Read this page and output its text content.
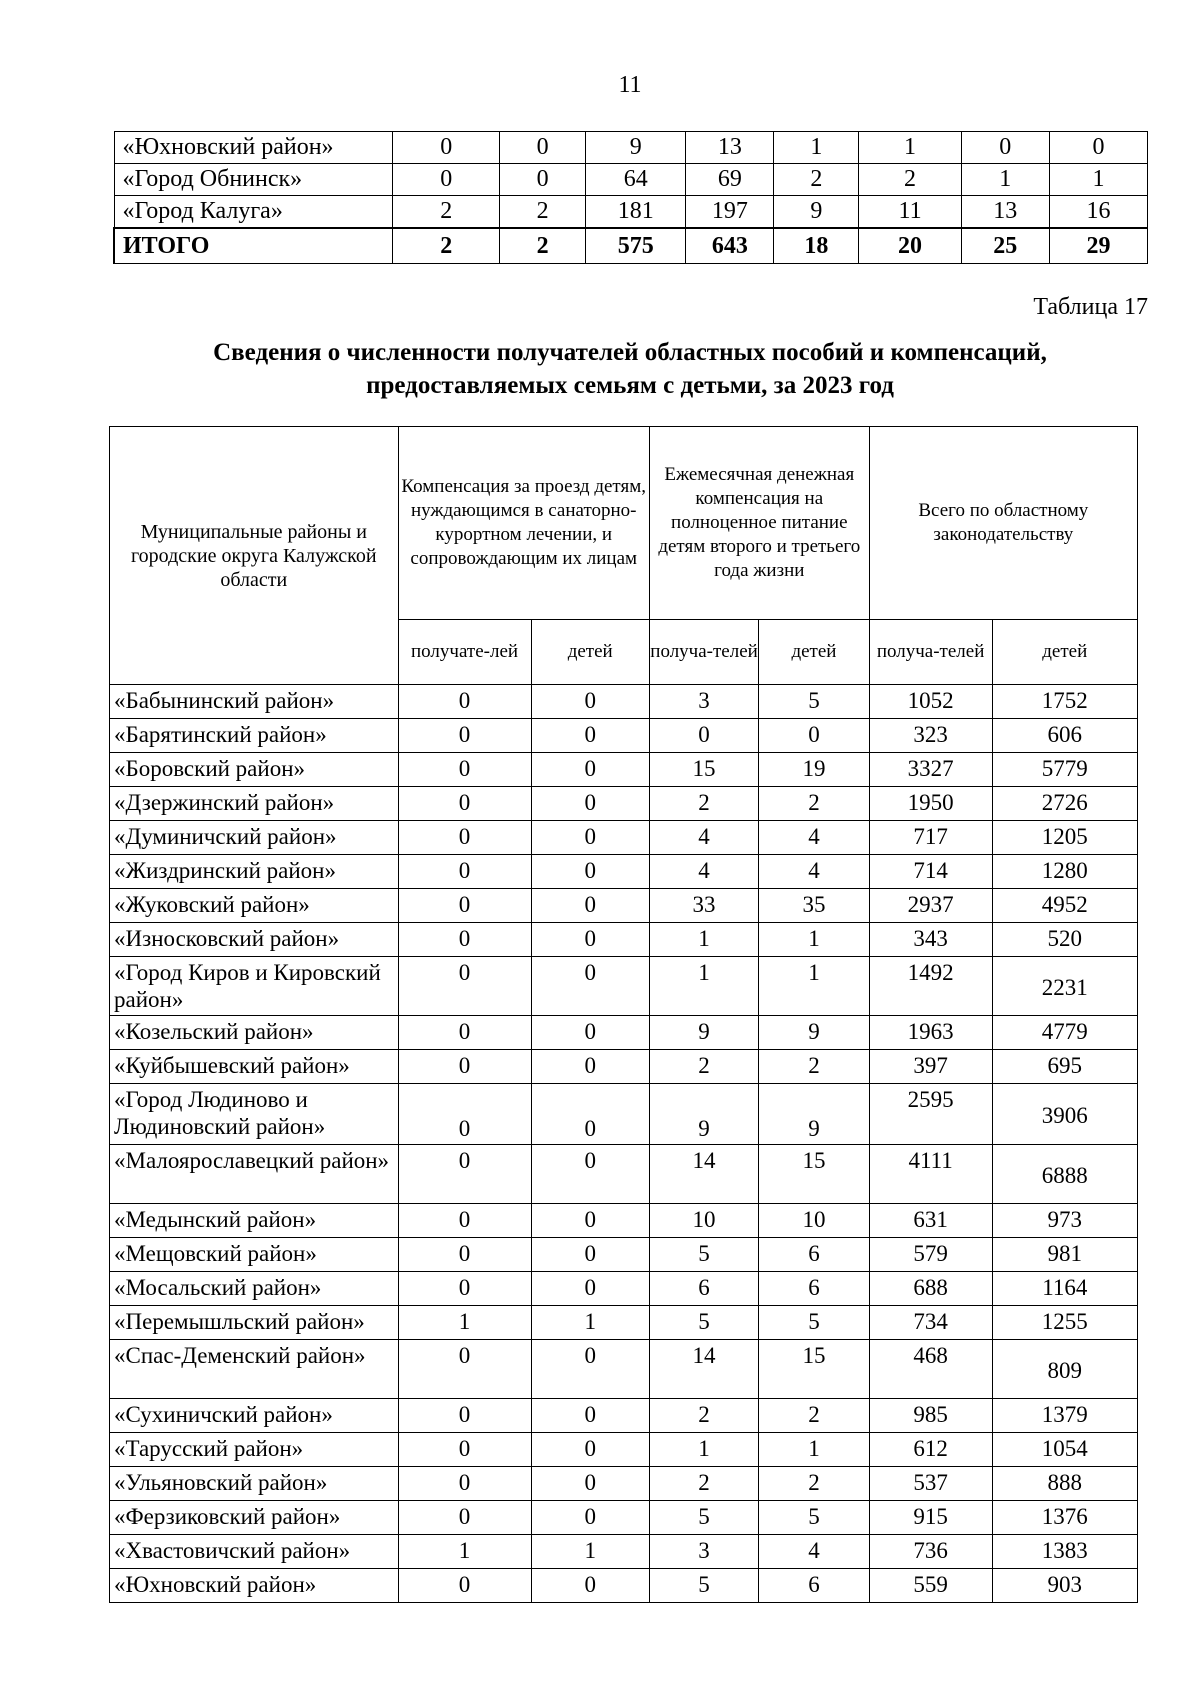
11
«Юхновский район»	0	0	9	13	1	1	0	0
«Город Обнинск»	0	0	64	69	2	2	1	1
«Город Калуга»	2	2	181	197	9	11	13	16
ИТОГО	2	2	575	643	18	20	25	29
Таблица 17
Сведения о численности получателей областных пособий и компенсаций,
предоставляемых семьям с детьми, за 2023 год
Муниципальные районы и городские округа Калужской области	Компенсация за проезд детям, нуждающимся в санаторно-курортном лечении, и сопровождающим их лицам		Ежемесячная денежная компенсация на полноценное питание детям второго и третьего года жизни		Всего по областному законодательству	
	получате-лей	детей	получа-телей	детей	получа-телей	детей
«Бабынинский район»	0	0	3	5	1052	1752
«Барятинский район»	0	0	0	0	323	606
«Боровский район»	0	0	15	19	3327	5779
«Дзержинский район»	0	0	2	2	1950	2726
«Думиничский район»	0	0	4	4	717	1205
«Жиздринский район»	0	0	4	4	714	1280
«Жуковский район»	0	0	33	35	2937	4952
«Износковский район»	0	0	1	1	343	520
«Город Киров и Кировский район»	0	0	1	1	1492	2231
«Козельский район»	0	0	9	9	1963	4779
«Куйбышевский район»	0	0	2	2	397	695
«Город Людиново и Людиновский район»	0	0	9	9	2595	3906
«Малоярославецкий район»	0	0	14	15	4111	6888
«Медынский район»	0	0	10	10	631	973
«Мещовский район»	0	0	5	6	579	981
«Мосальский район»	0	0	6	6	688	1164
«Перемышльский район»	1	1	5	5	734	1255
«Спас-Деменский район»	0	0	14	15	468	809
«Сухиничский район»	0	0	2	2	985	1379
«Тарусский район»	0	0	1	1	612	1054
«Ульяновский район»	0	0	2	2	537	888
«Ферзиковский район»	0	0	5	5	915	1376
«Хвастовичский район»	1	1	3	4	736	1383
«Юхновский район»	0	0	5	6	559	903
